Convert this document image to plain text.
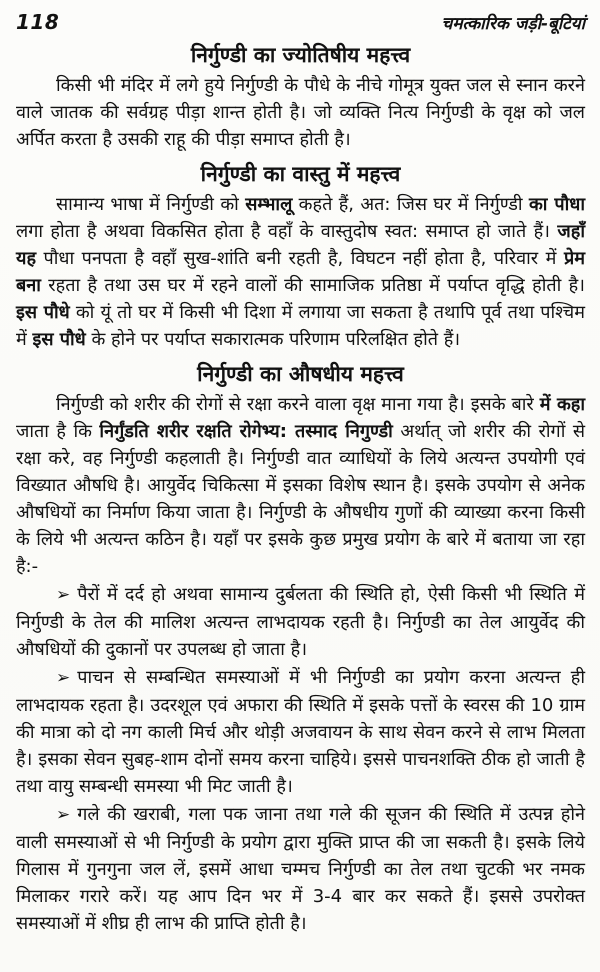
118	चमत्कारिक जड़ी-बूटियां
निर्गुण्डी का ज्योतिषीय महत्त्व

किसी भी मंदिर में लगे हुये निर्गुण्डी के पौधे के नीचे गोमूत्र युक्त जल से स्नान करने वाले जातक की सर्वग्रह पीड़ा शान्त होती है। जो व्यक्ति नित्य निर्गुण्डी के वृक्ष को जल अर्पित करता है उसकी राहू की पीड़ा समाप्त होती है।

निर्गुण्डी का वास्तु में महत्त्व

सामान्य भाषा में निर्गुण्डी को सम्भालू कहते हैं, अत: जिस घर में निर्गुण्डी का पौधा लगा होता है अथवा विकसित होता है वहाँ के वास्तुदोष स्वत: समाप्त हो जाते हैं। जहाँ यह पौधा पनपता है वहाँ सुख-शांति बनी रहती है, विघटन नहीं होता है, परिवार में प्रेम बना रहता है तथा उस घर में रहने वालों की सामाजिक प्रतिष्ठा में पर्याप्त वृद्धि होती है। इस पौधे को यूं तो घर में किसी भी दिशा में लगाया जा सकता है तथापि पूर्व तथा पश्चिम में इस पौधे के होने पर पर्याप्त सकारात्मक परिणाम परिलक्षित होते हैं।

निर्गुण्डी का औषधीय महत्त्व

निर्गुण्डी को शरीर की रोगों से रक्षा करने वाला वृक्ष माना गया है। इसके बारे में कहा जाता है कि निर्गुंडति शरीर रक्षति रोगेभ्य: तस्माद निगुण्डी अर्थात् जो शरीर की रोगों से रक्षा करे, वह निर्गुण्डी कहलाती है। निर्गुण्डी वात व्याधियों के लिये अत्यन्त उपयोगी एवं विख्यात औषधि है। आयुर्वेद चिकित्सा में इसका विशेष स्थान है। इसके उपयोग से अनेक औषधियों का निर्माण किया जाता है। निर्गुण्डी के औषधीय गुणों की व्याख्या करना किसी के लिये भी अत्यन्त कठिन है। यहाँ पर इसके कुछ प्रमुख प्रयोग के बारे में बताया जा रहा है:-

➢ पैरों में दर्द हो अथवा सामान्य दुर्बलता की स्थिति हो, ऐसी किसी भी स्थिति में निर्गुण्डी के तेल की मालिश अत्यन्त लाभदायक रहती है। निर्गुण्डी का तेल आयुर्वेद की औषधियों की दुकानों पर उपलब्ध हो जाता है।

➢ पाचन से सम्बन्धित समस्याओं में भी निर्गुण्डी का प्रयोग करना अत्यन्त ही लाभदायक रहता है। उदरशूल एवं अफारा की स्थिति में इसके पत्तों के स्वरस की 10 ग्राम की मात्रा को दो नग काली मिर्च और थोड़ी अजवायन के साथ सेवन करने से लाभ मिलता है। इसका सेवन सुबह-शाम दोनों समय करना चाहिये। इससे पाचनशक्ति ठीक हो जाती है तथा वायु सम्बन्धी समस्या भी मिट जाती है।

➢ गले की खराबी, गला पक जाना तथा गले की सूजन की स्थिति में उत्पन्न होने वाली समस्याओं से भी निर्गुण्डी के प्रयोग द्वारा मुक्ति प्राप्त की जा सकती है। इसके लिये गिलास में गुनगुना जल लें, इसमें आधा चम्मच निर्गुण्डी का तेल तथा चुटकी भर नमक मिलाकर गरारे करें। यह आप दिन भर में 3-4 बार कर सकते हैं। इससे उपरोक्त समस्याओं में शीघ्र ही लाभ की प्राप्ति होती है।
